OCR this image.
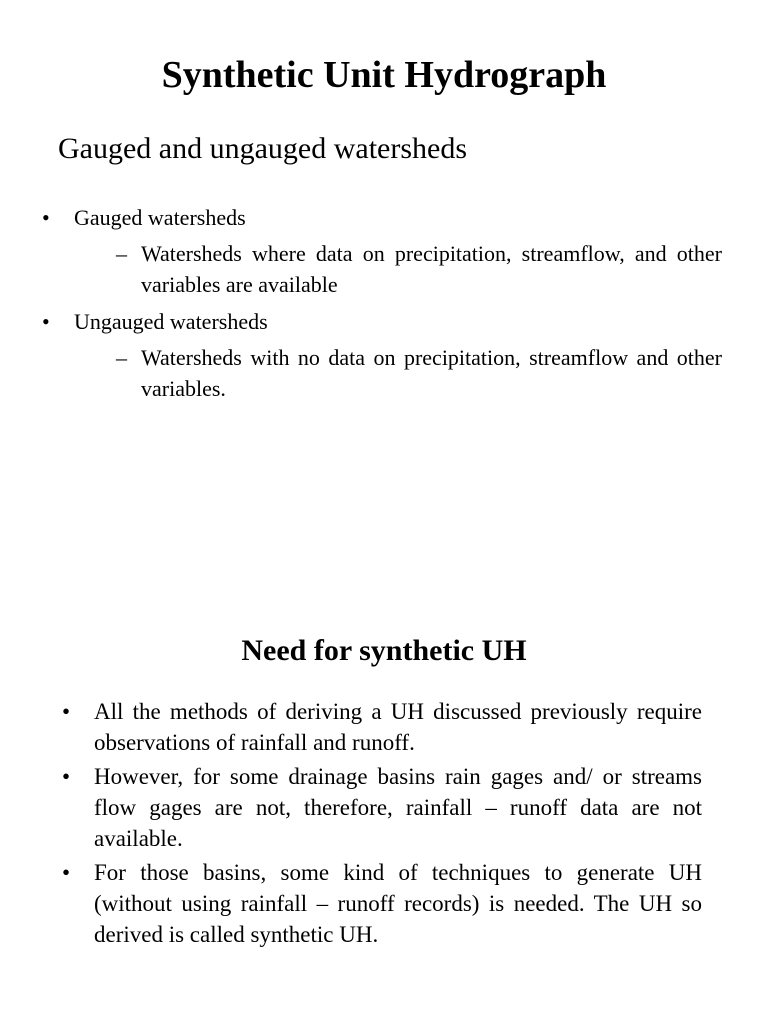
Synthetic Unit Hydrograph
Gauged and ungauged watersheds
•	Gauged watersheds
– Watersheds where data on precipitation, streamflow, and other variables are available
•	Ungauged watersheds
– Watersheds with no data on precipitation, streamflow and other variables.
Need for synthetic UH
•	All the methods of deriving a UH discussed previously require observations of rainfall and runoff.
•	However, for some drainage basins rain gages and/ or streams flow gages are not, therefore, rainfall – runoff data are not available.
•	For those basins, some kind of techniques to generate UH (without using rainfall – runoff records) is needed. The UH so derived is called synthetic UH.
